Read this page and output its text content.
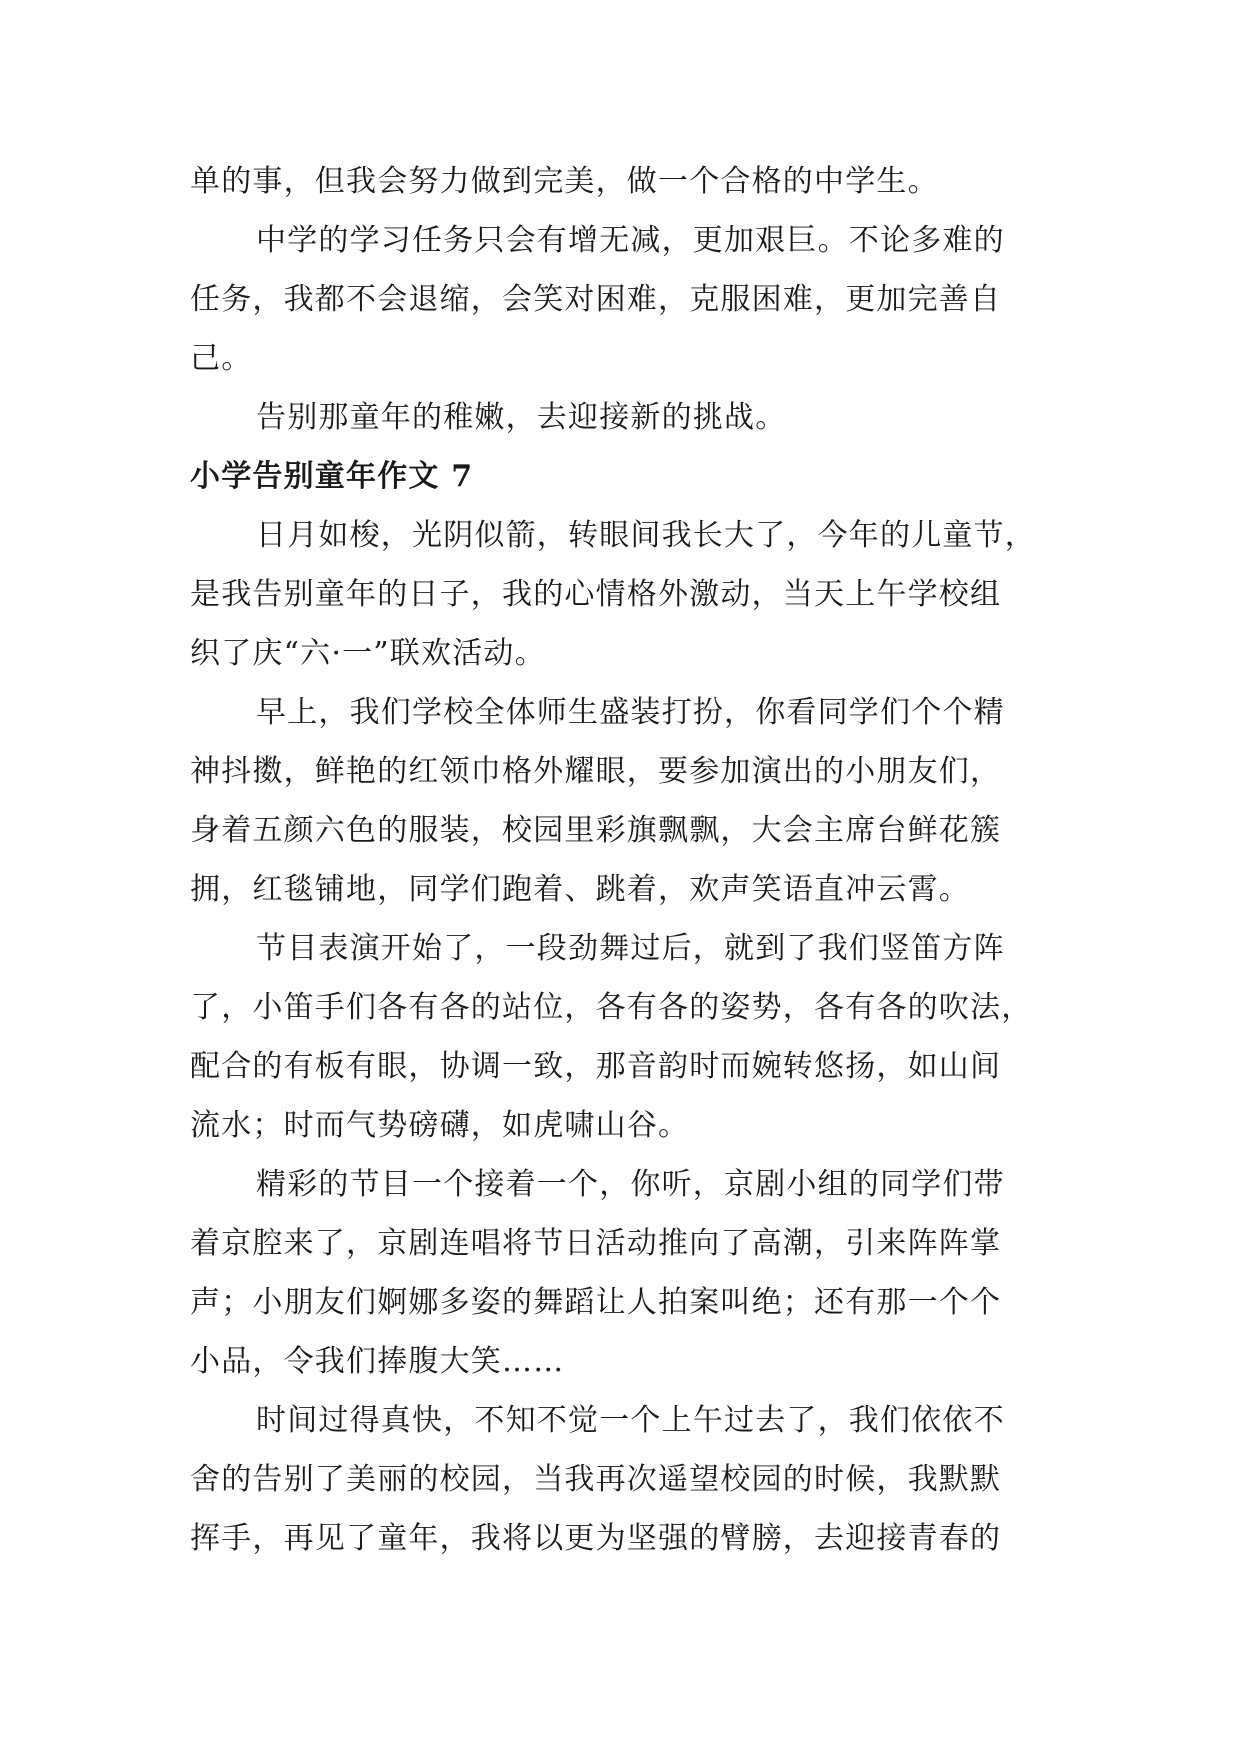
单的事，但我会努力做到完美，做一个合格的中学生。

中学的学习任务只会有增无减，更加艰巨。不论多难的

任务，我都不会退缩，会笑对困难，克服困难，更加完善自

己。

告别那童年的稚嫩，去迎接新的挑战。

小学告别童年作文 7

日月如梭，光阴似箭，转眼间我长大了，今年的儿童节，

是我告别童年的日子，我的心情格外激动，当天上午学校组

织了庆“六·一”联欢活动。

早上，我们学校全体师生盛装打扮，你看同学们个个精

神抖擞，鲜艳的红领巾格外耀眼，要参加演出的小朋友们，

身着五颜六色的服装，校园里彩旗飘飘，大会主席台鲜花簇

拥，红毯铺地，同学们跑着、跳着，欢声笑语直冲云霄。

节目表演开始了，一段劲舞过后，就到了我们竖笛方阵

了，小笛手们各有各的站位，各有各的姿势，各有各的吹法，

配合的有板有眼，协调一致，那音韵时而婉转悠扬，如山间

流水；时而气势磅礴，如虎啸山谷。

精彩的节目一个接着一个，你听，京剧小组的同学们带

着京腔来了，京剧连唱将节日活动推向了高潮，引来阵阵掌

声；小朋友们婀娜多姿的舞蹈让人拍案叫绝；还有那一个个

小品，令我们捧腹大笑……

时间过得真快，不知不觉一个上午过去了，我们依依不

舍的告别了美丽的校园，当我再次遥望校园的时候，我默默

挥手，再见了童年，我将以更为坚强的臂膀，去迎接青春的
